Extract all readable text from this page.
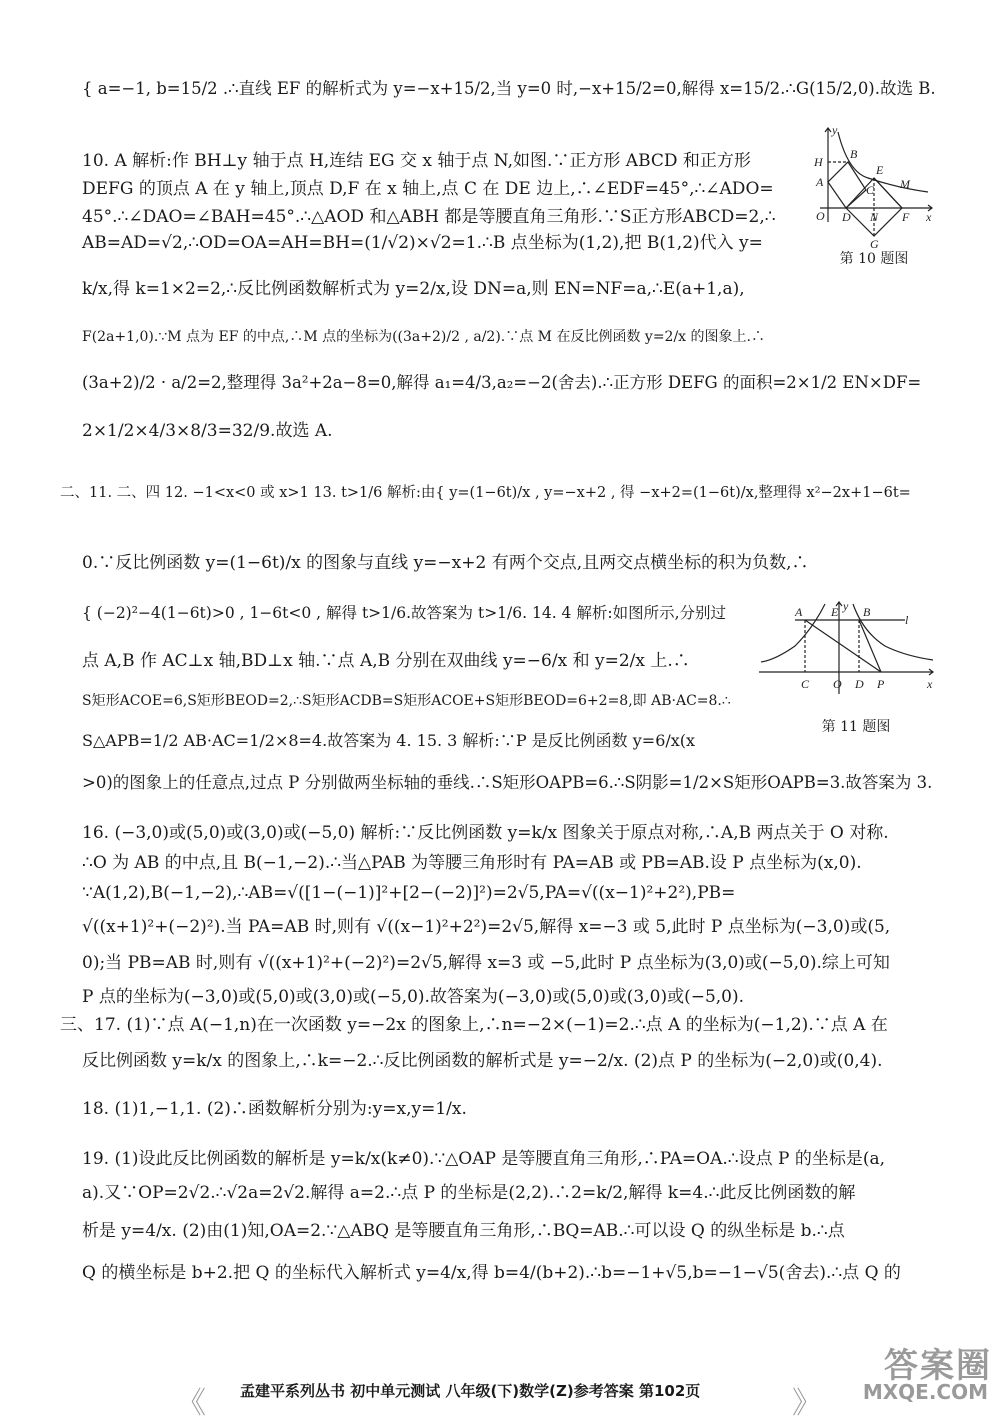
{ a=−1, b=15/2 .∴直线 EF 的解析式为 y=−x+15/2,当 y=0 时,−x+15/2=0,解得 x=15/2.∴G(15/2,0).故选 B.
10. A 解析:作 BH⊥y 轴于点 H,连结 EG 交 x 轴于点 N,如图.∵正方形 ABCD 和正方形
DEFG 的顶点 A 在 y 轴上,顶点 D,F 在 x 轴上,点 C 在 DE 边上,∴∠EDF=45°,∴∠ADO=
45°.∴∠DAO=∠BAH=45°.∴△AOD 和△ABH 都是等腰直角三角形.∵S正方形ABCD=2,∴
AB=AD=√2,∴OD=OA=AH=BH=(1/√2)×√2=1.∴B 点坐标为(1,2),把 B(1,2)代入 y=
k/x,得 k=1×2=2,∴反比例函数解析式为 y=2/x,设 DN=a,则 EN=NF=a,∴E(a+1,a),
F(2a+1,0).∵M 点为 EF 的中点,∴M 点的坐标为((3a+2)/2 , a/2).∵点 M 在反比例函数 y=2/x 的图象上.∴
(3a+2)/2 · a/2=2,整理得 3a²+2a−8=0,解得 a₁=4/3,a₂=−2(舍去).∴正方形 DEFG 的面积=2×1/2 EN×DF=
2×1/2×4/3×8/3=32/9.故选 A.
二、11. 二、四 12. −1<x<0 或 x>1 13. t>1/6 解析:由{ y=(1−6t)/x , y=−x+2 , 得 −x+2=(1−6t)/x,整理得 x²−2x+1−6t=
0.∵反比例函数 y=(1−6t)/x 的图象与直线 y=−x+2 有两个交点,且两交点横坐标的积为负数,∴
{ (−2)²−4(1−6t)>0 , 1−6t<0 , 解得 t>1/6.故答案为 t>1/6. 14. 4 解析:如图所示,分别过
点 A,B 作 AC⊥x 轴,BD⊥x 轴.∵点 A,B 分别在双曲线 y=−6/x 和 y=2/x 上.∴
S矩形ACOE=6,S矩形BEOD=2,∴S矩形ACDB=S矩形ACOE+S矩形BEOD=6+2=8,即 AB·AC=8.∴
S△APB=1/2 AB·AC=1/2×8=4.故答案为 4. 15. 3 解析:∵P 是反比例函数 y=6/x(x
>0)的图象上的任意点,过点 P 分别做两坐标轴的垂线.∴S矩形OAPB=6.∴S阴影=1/2×S矩形OAPB=3.故答案为 3.
16. (−3,0)或(5,0)或(3,0)或(−5,0) 解析:∵反比例函数 y=k/x 图象关于原点对称,∴A,B 两点关于 O 对称.
∴O 为 AB 的中点,且 B(−1,−2).∴当△PAB 为等腰三角形时有 PA=AB 或 PB=AB.设 P 点坐标为(x,0).
∵A(1,2),B(−1,−2),∴AB=√([1−(−1)]²+[2−(−2)]²)=2√5,PA=√((x−1)²+2²),PB=
√((x+1)²+(−2)²).当 PA=AB 时,则有 √((x−1)²+2²)=2√5,解得 x=−3 或 5,此时 P 点坐标为(−3,0)或(5,
0);当 PB=AB 时,则有 √((x+1)²+(−2)²)=2√5,解得 x=3 或 −5,此时 P 点坐标为(3,0)或(−5,0).综上可知
P 点的坐标为(−3,0)或(5,0)或(3,0)或(−5,0).故答案为(−3,0)或(5,0)或(3,0)或(−5,0).
三、17. (1)∵点 A(−1,n)在一次函数 y=−2x 的图象上,∴n=−2×(−1)=2.∴点 A 的坐标为(−1,2).∵点 A 在
反比例函数 y=k/x 的图象上,∴k=−2.∴反比例函数的解析式是 y=−2/x. (2)点 P 的坐标为(−2,0)或(0,4).
18. (1)1,−1,1. (2)∴函数解析分别为:y=x,y=1/x.
19. (1)设此反比例函数的解析是 y=k/x(k≠0).∵△OAP 是等腰直角三角形,∴PA=OA.∴设点 P 的坐标是(a,
a).又∵OP=2√2.∴√2a=2√2.解得 a=2.∴点 P 的坐标是(2,2).∴2=k/2,解得 k=4.∴此反比例函数的解
析是 y=4/x. (2)由(1)知,OA=2.∵△ABQ 是等腰直角三角形,∴BQ=AB.∴可以设 Q 的纵坐标是 b.∴点
Q 的横坐标是 b+2.把 Q 的坐标代入解析式 y=4/x,得 b=4/(b+2).∴b=−1+√5,b=−1−√5(舍去).∴点 Q 的
y
H
B
A
E
C M
O D N F x
G
第 10 题图
y
A E B
l
C O D P	x
第 11 题图
《 孟建平系列丛书 初中单元测试 八年级(下)数学(Z)参考答案 第102页	》
答案圈
MXQE.COM
